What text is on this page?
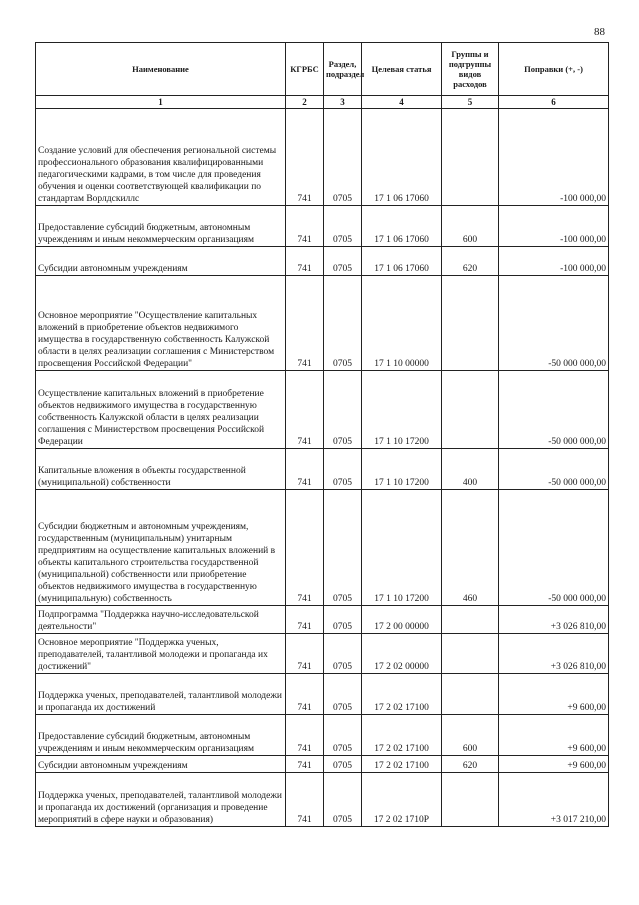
88
Наименование	КГРБС	Раздел, подраздел	Целевая статья	Группы и подгруппы видов расходов	Поправки (+, -)
1	2	3	4	5	6
Создание условий для обеспечения региональной системы профессионального образования квалифицированными педагогическими кадрами, в том числе для проведения обучения и оценки соответствующей квалификации по стандартам Ворлдскиллс	741	0705	17 1 06 17060		-100 000,00
Предоставление субсидий бюджетным, автономным учреждениям и иным некоммерческим организациям	741	0705	17 1 06 17060	600	-100 000,00
Субсидии автономным учреждениям	741	0705	17 1 06 17060	620	-100 000,00
Основное мероприятие "Осуществление капитальных вложений в приобретение объектов недвижимого имущества в государственную собственность Калужской области в целях реализации соглашения с Министерством просвещения Российской Федерации"	741	0705	17 1 10 00000		-50 000 000,00
Осуществление капитальных вложений в приобретение объектов недвижимого имущества в государственную собственность Калужской области в целях реализации соглашения с Министерством просвещения Российской Федерации	741	0705	17 1 10 17200		-50 000 000,00
Капитальные вложения в объекты государственной (муниципальной) собственности	741	0705	17 1 10 17200	400	-50 000 000,00
Субсидии бюджетным и автономным учреждениям, государственным (муниципальным) унитарным предприятиям на осуществление капитальных вложений в объекты капитального строительства государственной (муниципальной) собственности или приобретение объектов недвижимого имущества в государственную (муниципальную) собственность	741	0705	17 1 10 17200	460	-50 000 000,00
Подпрограмма "Поддержка научно-исследовательской деятельности"	741	0705	17 2 00 00000		+3 026 810,00
Основное мероприятие "Поддержка ученых, преподавателей, талантливой молодежи и пропаганда их достижений"	741	0705	17 2 02 00000		+3 026 810,00
Поддержка ученых, преподавателей, талантливой молодежи и пропаганда их достижений	741	0705	17 2 02 17100		+9 600,00
Предоставление субсидий бюджетным, автономным учреждениям и иным некоммерческим организациям	741	0705	17 2 02 17100	600	+9 600,00
Субсидии автономным учреждениям	741	0705	17 2 02 17100	620	+9 600,00
Поддержка ученых, преподавателей, талантливой молодежи и пропаганда их достижений (организация и проведение мероприятий в сфере науки и образования)	741	0705	17 2 02 1710Р		+3 017 210,00
